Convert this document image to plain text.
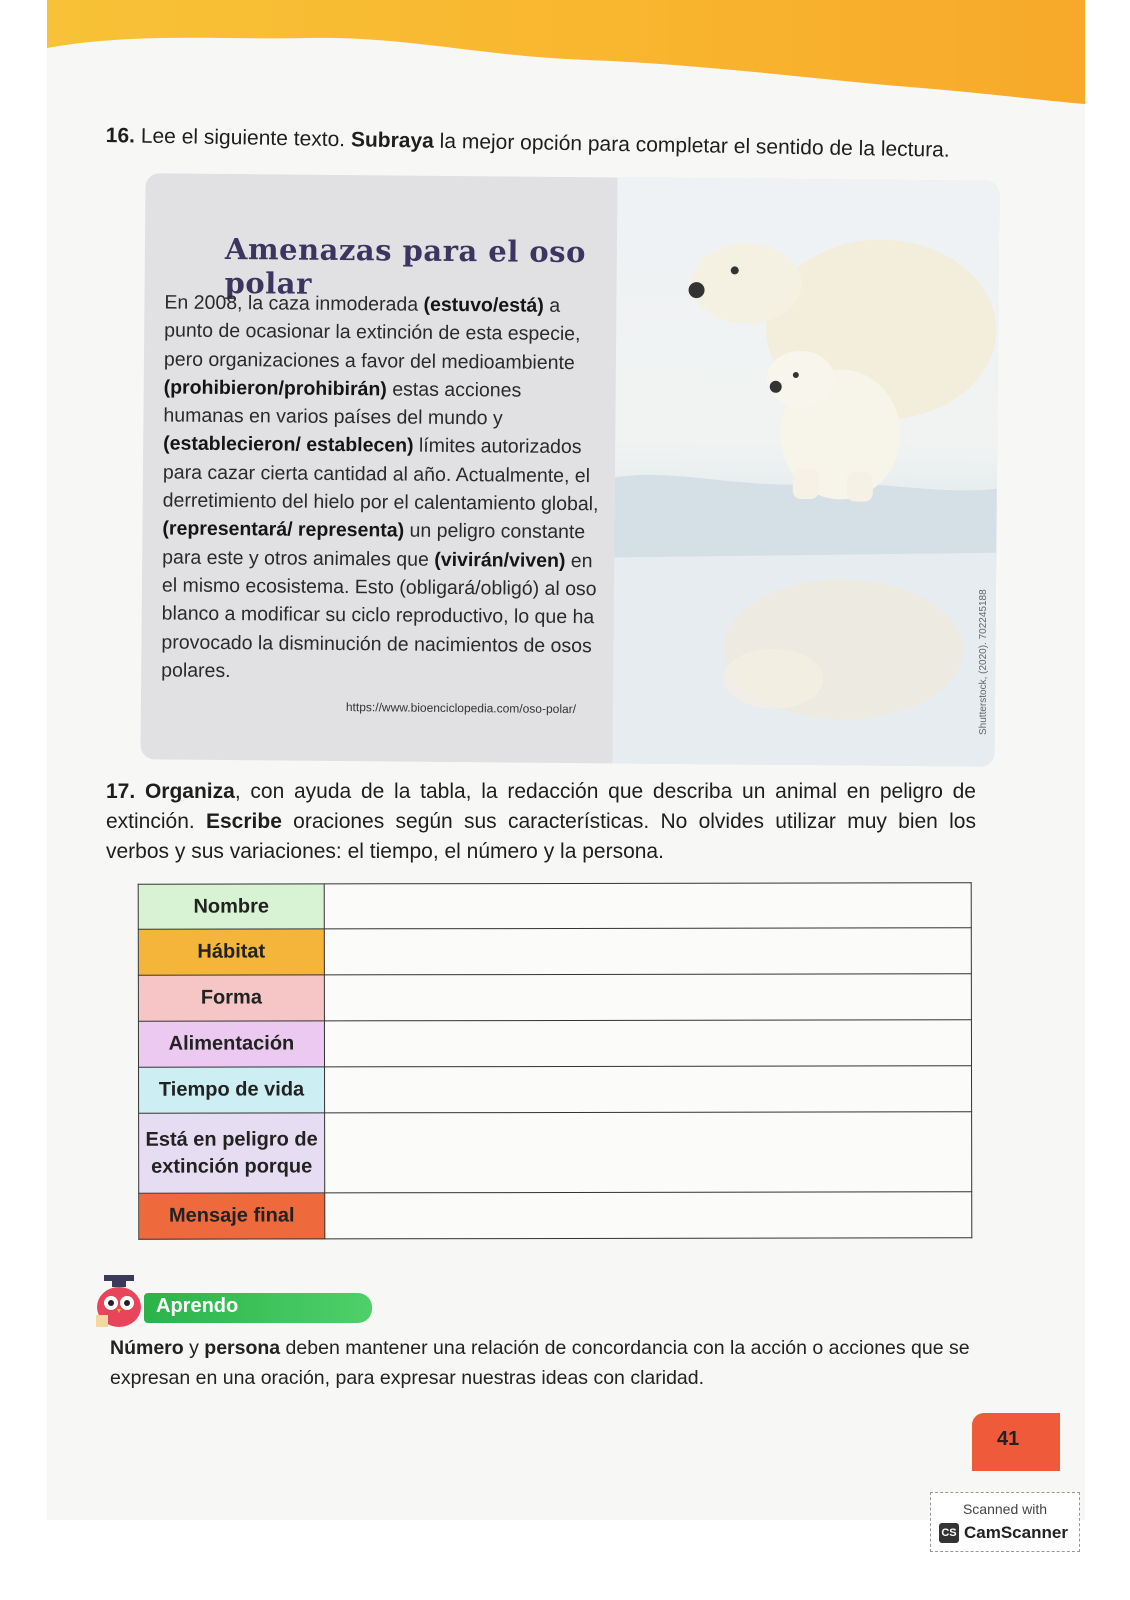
16. Lee el siguiente texto. Subraya la mejor opción para completar el sentido de la lectura.
Amenazas para el oso polar
En 2008, la caza inmoderada (estuvo/está) a punto de ocasionar la extinción de esta especie, pero organizaciones a favor del medioambiente (prohibieron/prohibirán) estas acciones humanas en varios países del mundo y (establecieron/ establecen) límites autorizados para cazar cierta cantidad al año. Actualmente, el derretimiento del hielo por el calentamiento global, (representará/ representa) un peligro constante para este y otros animales que (vivirán/viven) en el mismo ecosistema. Esto (obligará/obligó) al oso blanco a modificar su ciclo reproductivo, lo que ha provocado la disminución de nacimientos de osos polares.
https://www.bioenciclopedia.com/oso-polar/	Shutterstock, (2020). 702245188
17. Organiza, con ayuda de la tabla, la redacción que describa un animal en peligro de extinción. Escribe oraciones según sus características. No olvides utilizar muy bien los verbos y sus variaciones: el tiempo, el número y la persona.
Nombre	
Hábitat	
Forma	
Alimentación	
Tiempo de vida	
Está en peligro de extinción porque	
Mensaje final	
Aprendo
Número y persona deben mantener una relación de concordancia con la acción o acciones que se expresan en una oración, para expresar nuestras ideas con claridad.
41
Scanned with
CS CamScanner
